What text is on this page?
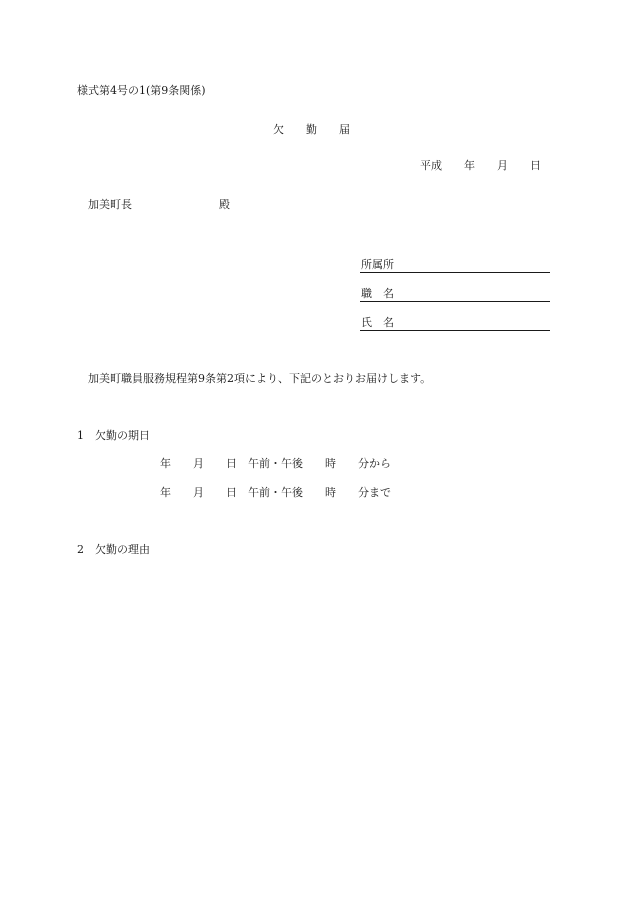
様式第4号の1(第9条関係)
欠　　勤　　届
平成　　年　　月　　日
加美町長	殿
所属所
職　名
氏　名
加美町職員服務規程第9条第2項により、下記のとおりお届けします。
1　欠勤の期日
年　　月　　日　午前・午後　　時　　分から
年　　月　　日　午前・午後　　時　　分まで
2　欠勤の理由
